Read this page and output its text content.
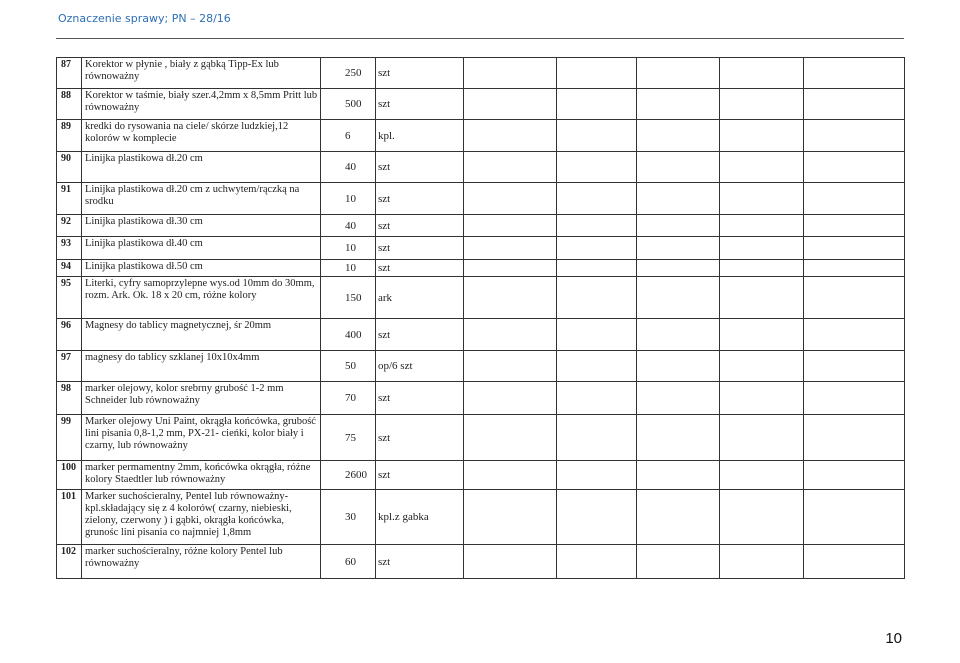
Oznaczenie sprawy; PN – 28/16
87	Korektor w płynie , biały z gąbką Tipp-Ex lub równoważny	250	szt					
88	Korektor w taśmie, biały szer.4,2mm x 8,5mm Pritt lub równoważny	500	szt					
89	kredki do rysowania na ciele/ skórze ludzkiej,12 kolorów w komplecie	6	kpl.					
90	Linijka plastikowa dł.20 cm	40	szt					
91	Linijka plastikowa dł.20 cm z uchwytem/rączką na srodku	10	szt					
92	Linijka plastikowa dł.30 cm	40	szt					
93	Linijka plastikowa dł.40 cm	10	szt					
94	Linijka plastikowa dł.50 cm	10	szt					
95	Literki, cyfry samoprzylepne wys.od 10mm do 30mm, rozm. Ark. Ok. 18 x 20 cm, różne kolory	150	ark					
96	Magnesy do tablicy magnetycznej, śr 20mm	400	szt					
97	magnesy do tablicy szklanej 10x10x4mm	50	op/6 szt					
98	marker olejowy, kolor srebrny grubość 1-2 mm Schneider lub równoważny	70	szt					
99	Marker olejowy Uni Paint, okrągła końcówka, grubość lini pisania 0,8-1,2 mm, PX-21- cieńki, kolor biały i czarny, lub równoważny	75	szt					
100	marker permamentny 2mm, końcówka okrągła, różne kolory Staedtler lub równoważny	2600	szt					
101	Marker suchościeralny, Pentel lub równoważny- kpl.składający się z 4 kolorów( czarny, niebieski, zielony, czerwony ) i gąbki, okrągła końcówka, grunośc lini pisania co najmniej 1,8mm	30	kpl.z gabka					
102	marker suchościeralny, różne kolory Pentel lub równoważny	60	szt					
10
